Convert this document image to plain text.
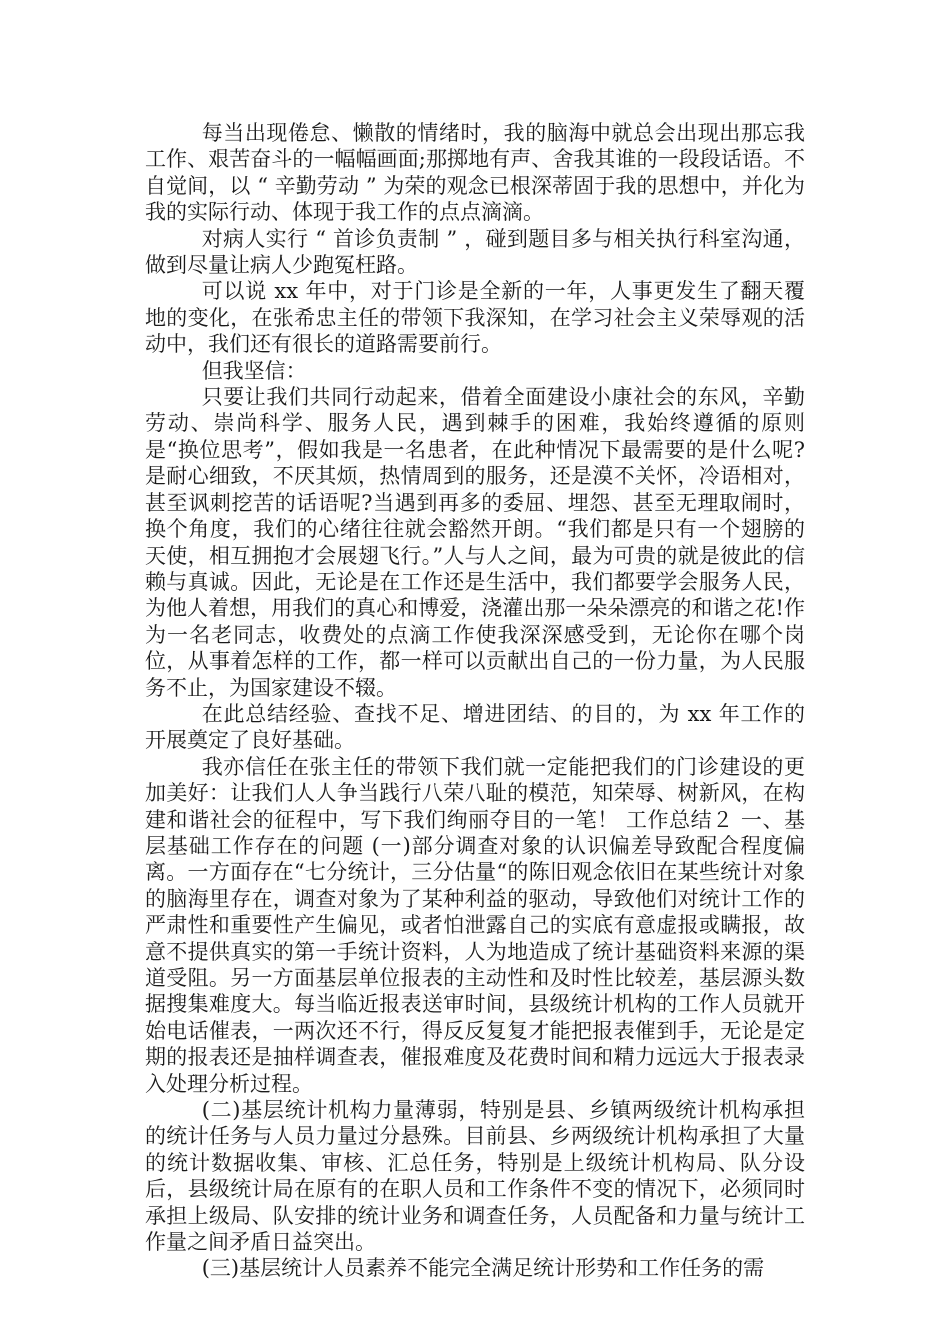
每当出现倦怠、懒散的情绪时，我的脑海中就总会出现出那忘我工作、艰苦奋斗的一幅幅画面;那掷地有声、舍我其谁的一段段话语。不自觉间，以 “ 辛勤劳动 ” 为荣的观念已根深蒂固于我的思想中，并化为我的实际行动、体现于我工作的点点滴滴。

对病人实行 “ 首诊负责制 ” ，碰到题目多与相关执行科室沟通，做到尽量让病人少跑冤枉路。

可以说 xx 年中，对于门诊是全新的一年，人事更发生了翻天覆地的变化，在张希忠主任的带领下我深知，在学习社会主义荣辱观的活动中，我们还有很长的道路需要前行。

但我坚信：

只要让我们共同行动起来，借着全面建设小康社会的东风，辛勤劳动、崇尚科学、服务人民，遇到棘手的困难，我始终遵循的原则是“换位思考”，假如我是一名患者，在此种情况下最需要的是什么呢?是耐心细致，不厌其烦，热情周到的服务，还是漠不关怀，冷语相对，甚至讽刺挖苦的话语呢?当遇到再多的委屈、埋怨、甚至无理取闹时，换个角度，我们的心绪往往就会豁然开朗。“我们都是只有一个翅膀的天使，相互拥抱才会展翅飞行。”人与人之间，最为可贵的就是彼此的信赖与真诚。因此，无论是在工作还是生活中，我们都要学会服务人民，为他人着想，用我们的真心和博爱，浇灌出那一朵朵漂亮的和谐之花!作为一名老同志，收费处的点滴工作使我深深感受到，无论你在哪个岗位，从事着怎样的工作，都一样可以贡献出自己的一份力量，为人民服务不止，为国家建设不辍。

在此总结经验、查找不足、增进团结、的目的，为 xx 年工作的开展奠定了良好基础。

我亦信任在张主任的带领下我们就一定能把我们的门诊建设的更加美好：让我们人人争当践行八荣八耻的模范，知荣辱、树新风，在构建和谐社会的征程中，写下我们绚丽夺目的一笔！ 工作总结２ 一、基层基础工作存在的问题 (一)部分调查对象的认识偏差导致配合程度偏离。一方面存在“七分统计，三分估量“的陈旧观念依旧在某些统计对象的脑海里存在，调查对象为了某种利益的驱动，导致他们对统计工作的严肃性和重要性产生偏见，或者怕泄露自己的实底有意虚报或瞒报，故意不提供真实的第一手统计资料，人为地造成了统计基础资料来源的渠道受阻。另一方面基层单位报表的主动性和及时性比较差，基层源头数据搜集难度大。每当临近报表送审时间，县级统计机构的工作人员就开始电话催表，一两次还不行，得反反复复才能把报表催到手，无论是定期的报表还是抽样调查表，催报难度及花费时间和精力远远大于报表录入处理分析过程。

(二)基层统计机构力量薄弱，特别是县、乡镇两级统计机构承担的统计任务与人员力量过分悬殊。目前县、乡两级统计机构承担了大量的统计数据收集、审核、汇总任务，特别是上级统计机构局、队分设后，县级统计局在原有的在职人员和工作条件不变的情况下，必须同时承担上级局、队安排的统计业务和调查任务，人员配备和力量与统计工作量之间矛盾日益突出。

(三)基层统计人员素养不能完全满足统计形势和工作任务的需
